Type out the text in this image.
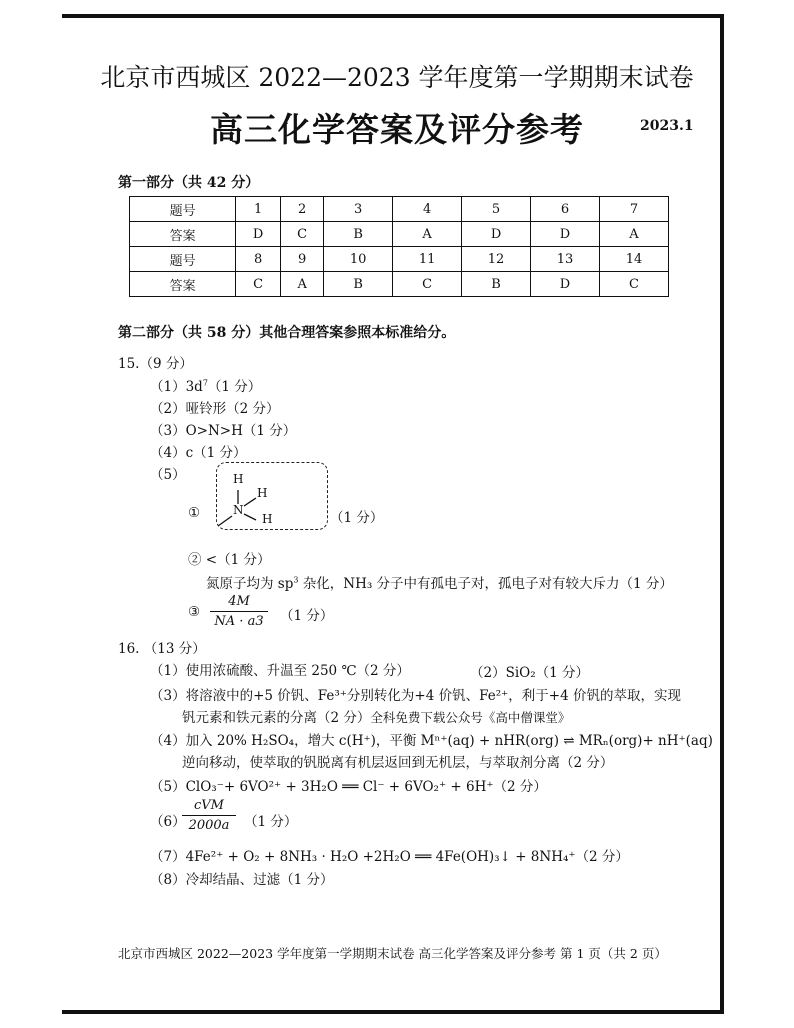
北京市西城区 2022—2023 学年度第一学期期末试卷
高三化学答案及评分参考	2023.1
第一部分（共 42 分）
题号	1	2	3	4	5	6	7
答案	D	C	B	A	D	D	A
题号	8	9	10	11	12	13	14
答案	C	A	B	C	B	D	C
第二部分（共 58 分）其他合理答案参照本标准给分。
15.（9 分）
$(1)3d^7(1$ 分）
（2）哑铃形（2 分）
（3）O>N>H（1 分）
（4）c（1 分）
（5）
①
H
H
N
H	（1 分）
② <（1 分）
氮原子均为 $sp^3$ 杂化，NH₃ 分子中有孤电子对，孤电子对有较大斥力（1 分）
③
4M
NA · a3	（1 分）
16. （13 分）
（1）使用浓硫酸、升温至 250 ℃（2 分）	（2）SiO₂（1 分）
（3）将溶液中的+5 价钒、Fe³⁺分别转化为+4 价钒、Fe²⁺，利于+4 价钒的萃取，实现
钒元素和铁元素的分离（2 分）全科免费下载公众号《高中僧课堂》
（4）加入 20% H₂SO₄，增大 c(H⁺)，平衡 Mⁿ⁺(aq) + nHR(org) ⇌ MRₙ(org)+ nH⁺(aq)
逆向移动，使萃取的钒脱离有机层返回到无机层，与萃取剂分离（2 分）
（5）ClO₃⁻+ 6VO²⁺ + 3H₂O ══ Cl⁻ + 6VO₂⁺ + 6H⁺（2 分）
（6）
cVM
2000a	（1 分）
（7）4Fe²⁺ + O₂ + 8NH₃ · H₂O +2H₂O ══ 4Fe(OH)₃↓ + 8NH₄⁺（2 分）
（8）冷却结晶、过滤（1 分）
北京市西城区 2022—2023 学年度第一学期期末试卷 高三化学答案及评分参考 第 1 页（共 2 页）
